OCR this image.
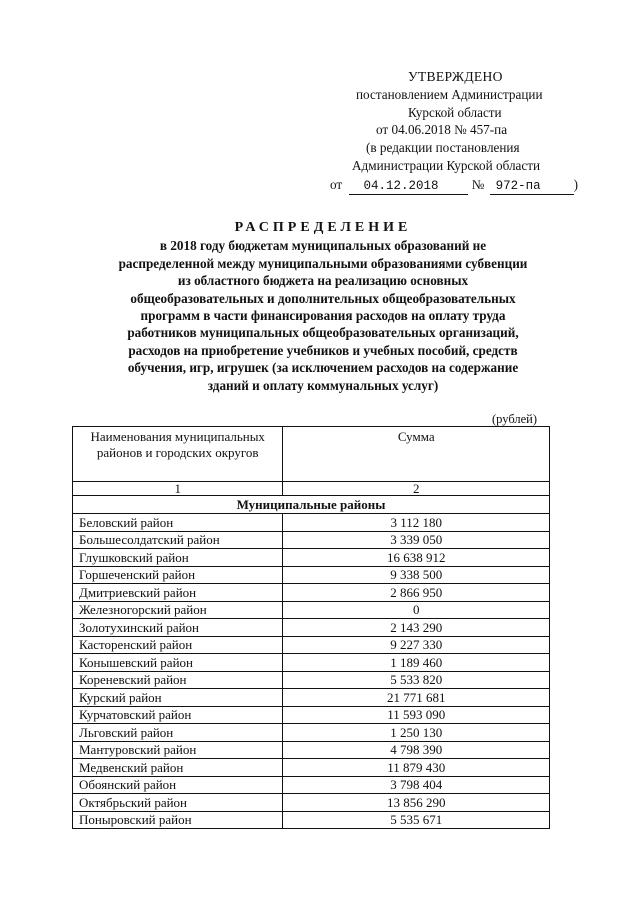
УТВЕРЖДЕНО
постановлением Администрации
Курской области
от 04.06.2018 № 457-па
(в редакции постановления
Администрации Курской области
от 04.12.2018	№ 972-па )
РАСПРЕДЕЛЕНИЕ
в 2018 году бюджетам муниципальных образований не
распределенной между муниципальными образованиями субвенции
из областного бюджета на реализацию основных
общеобразовательных и дополнительных общеобразовательных
программ в части финансирования расходов на оплату труда
работников муниципальных общеобразовательных организаций,
расходов на приобретение учебников и учебных пособий, средств
обучения, игр, игрушек (за исключением расходов на содержание
зданий и оплату коммунальных услуг)
(рублей)
Наименования муниципальных районов и городских округов	Сумма
1	2
Муниципальные районы	
Беловский район	3 112 180
Большесолдатский район	3 339 050
Глушковский район	16 638 912
Горшеченский район	9 338 500
Дмитриевский район	2 866 950
Железногорский район	0
Золотухинский район	2 143 290
Касторенский район	9 227 330
Конышевский район	1 189 460
Кореневский район	5 533 820
Курский район	21 771 681
Курчатовский район	11 593 090
Льговский район	1 250 130
Мантуровский район	4 798 390
Медвенский район	11 879 430
Обоянский район	3 798 404
Октябрьский район	13 856 290
Поныровский район	5 535 671
